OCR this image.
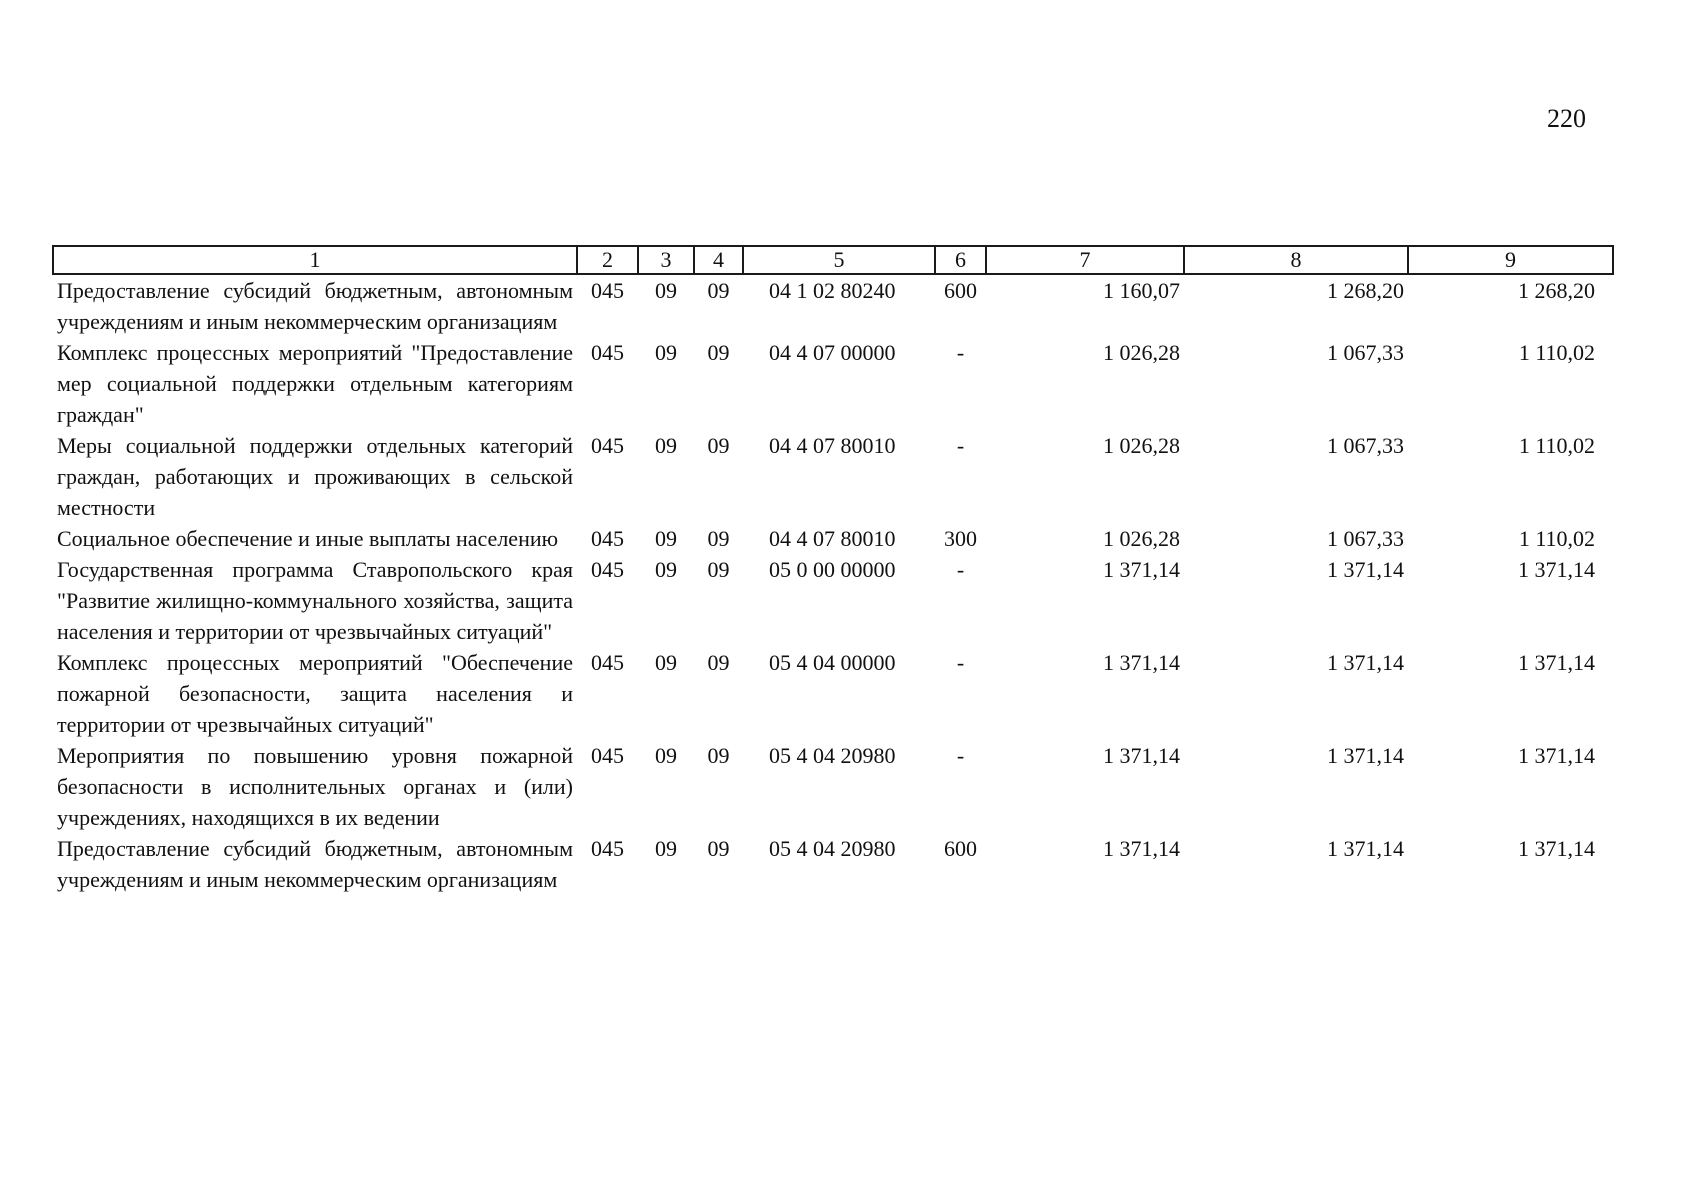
220
1	2	3	4	5	6	7	8	9
Предоставление субсидий бюджетным, автономным учреждениям и иным некоммерческим организациям	045	09	09	04 1 02 80240	600	1 160,07	1 268,20	1 268,20
Комплекс процессных мероприятий "Предоставление мер социальной поддержки отдельным категориям граждан"	045	09	09	04 4 07 00000	-	1 026,28	1 067,33	1 110,02
Меры социальной поддержки отдельных категорий граждан, работающих и проживающих в сельской местности	045	09	09	04 4 07 80010	-	1 026,28	1 067,33	1 110,02
Социальное обеспечение и иные выплаты населению	045	09	09	04 4 07 80010	300	1 026,28	1 067,33	1 110,02
Государственная программа Ставропольского края "Развитие жилищно-коммунального хозяйства, защита населения и территории от чрезвычайных ситуаций"	045	09	09	05 0 00 00000	-	1 371,14	1 371,14	1 371,14
Комплекс процессных мероприятий "Обеспечение пожарной безопасности, защита населения и территории от чрезвычайных ситуаций"	045	09	09	05 4 04 00000	-	1 371,14	1 371,14	1 371,14
Мероприятия по повышению уровня пожарной безопасности в исполнительных органах и (или) учреждениях, находящихся в их ведении	045	09	09	05 4 04 20980	-	1 371,14	1 371,14	1 371,14
Предоставление субсидий бюджетным, автономным учреждениям и иным некоммерческим организациям	045	09	09	05 4 04 20980	600	1 371,14	1 371,14	1 371,14
